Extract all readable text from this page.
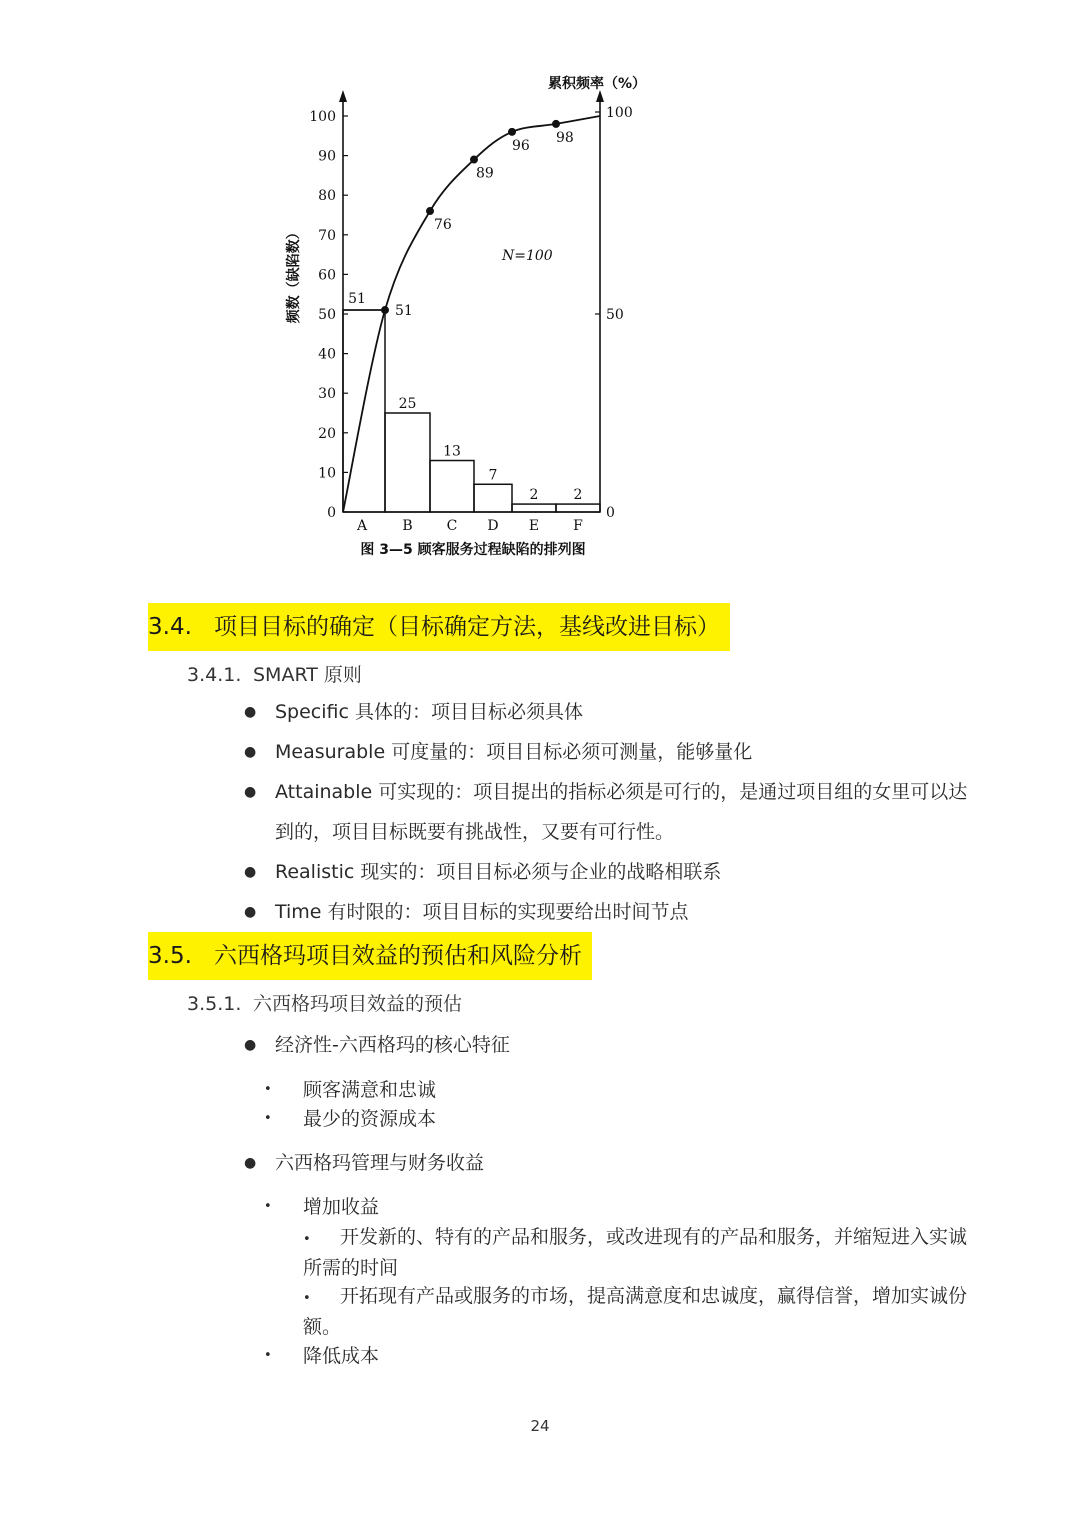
0
10
20
30
40
50
60
70
80
90
100
0
50
100
51
A
25
B
13
C
7
D
2
E
2
F
51
76
89
96 98
N=100
频数（缺陷数）
累积频率（%）
图 3—5 顾客服务过程缺陷的排列图
3.4. 项目目标的确定（目标确定方法，基线改进目标）
3.4.1. SMART 原则
● Specific 具体的：项目目标必须具体
● Measurable 可度量的：项目目标必须可测量，能够量化
● Attainable 可实现的：项目提出的指标必须是可行的，是通过项目组的女里可以达到的，项目目标既要有挑战性，又要有可行性。
● Realistic 现实的：项目目标必须与企业的战略相联系
● Time 有时限的：项目目标的实现要给出时间节点
3.5. 六西格玛项目效益的预估和风险分析
3.5.1. 六西格玛项目效益的预估
● 经济性-六西格玛的核心特征
•	顾客满意和忠诚
•	最少的资源成本
● 六西格玛管理与财务收益
•	增加收益
• 开发新的、特有的产品和服务，或改进现有的产品和服务，并缩短进入实诚所需的时间
• 开拓现有产品或服务的市场，提高满意度和忠诚度，赢得信誉，增加实诚份额。
•	降低成本
24
